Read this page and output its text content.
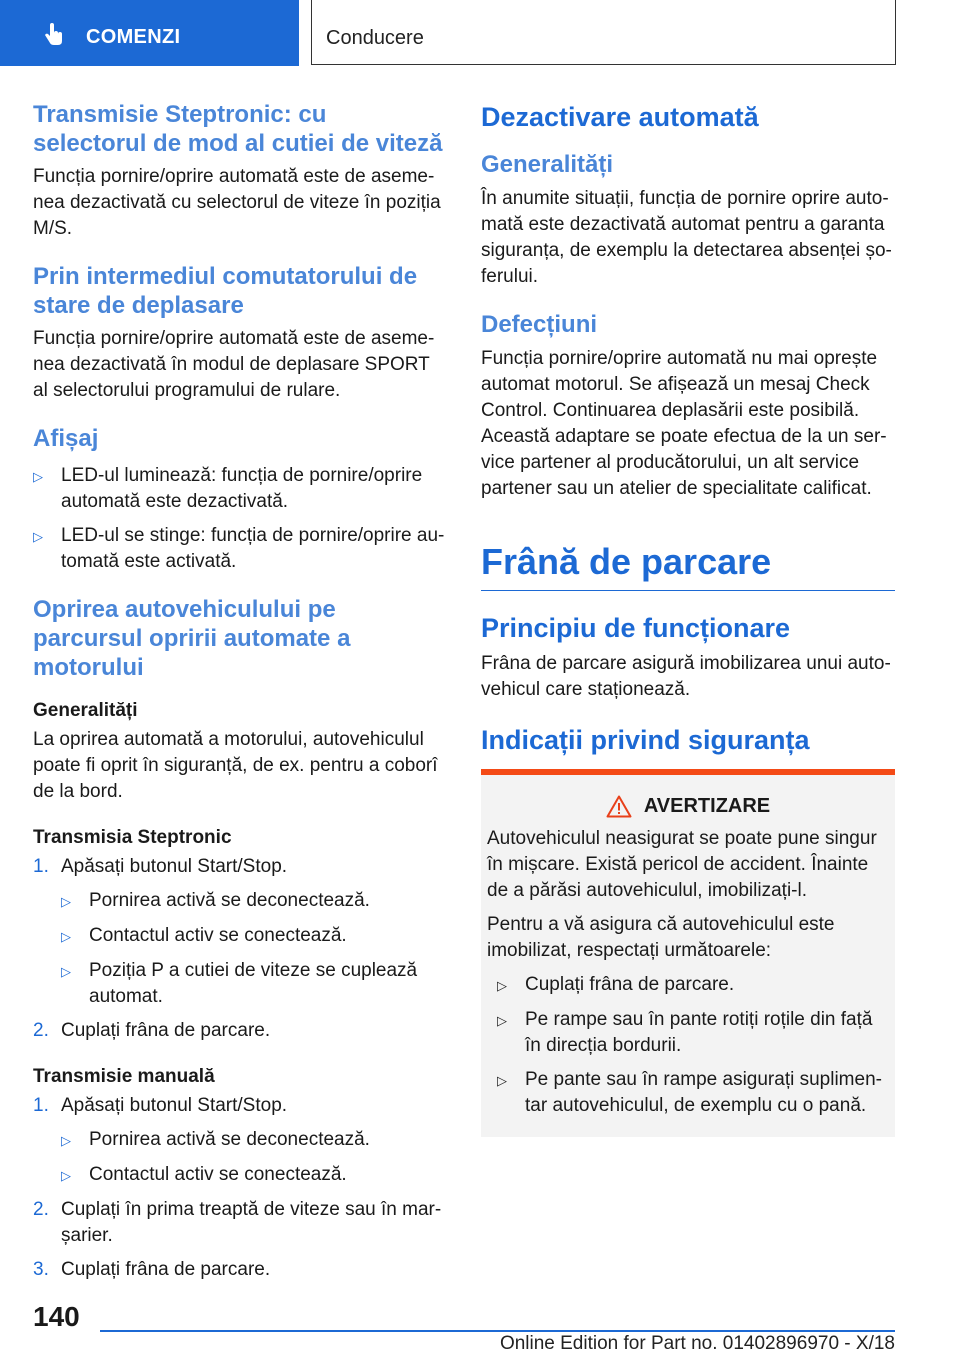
COMENZI	Conducere
Transmisie Steptronic: cu selectorul de mod al cutiei de viteză

Funcția pornire/oprire automată este de asemenea dezactivată cu selectorul de viteze în poziția M/S.

Prin intermediul comutatorului de stare de deplasare

Funcția pornire/oprire automată este de asemenea dezactivată în modul de deplasare SPORT al selectorului programului de rulare.

Afișaj
▷ LED-ul luminează: funcția de pornire/oprire automată este dezactivată.
▷ LED-ul se stinge: funcția de pornire/oprire automată este activată.
Oprirea autovehiculului pe parcursul opririi automate a motorului
Generalități

La oprirea automată a motorului, autovehiculul poate fi oprit în siguranță, de ex. pentru a coborî de la bord.

Transmisia Steptronic
1. Apăsați butonul Start/Stop.
▷ Pornirea activă se deconectează.
▷ Contactul activ se conectează.
▷ Poziția P a cutiei de viteze se cuplează automat.
2. Cuplați frâna de parcare.
Transmisie manuală
1. Apăsați butonul Start/Stop.
▷ Pornirea activă se deconectează.
▷ Contactul activ se conectează.
2. Cuplați în prima treaptă de viteze sau în marșarier.
3. Cuplați frâna de parcare.
Dezactivare automată
Generalități

În anumite situații, funcția de pornire oprire automată este dezactivată automat pentru a garanta siguranța, de exemplu la detectarea absenței șoferului.

Defecțiuni

Funcția pornire/oprire automată nu mai oprește automat motorul. Se afișează un mesaj Check Control. Continuarea deplasării este posibilă. Această adaptare se poate efectua de la un service partener al producătorului, un alt service partener sau un atelier de specialitate calificat.

Frână de parcare
Principiu de funcționare

Frâna de parcare asigură imobilizarea unui autovehicul care staționează.

Indicații privind siguranța
AVERTIZARE

Autovehiculul neasigurat se poate pune singur în mișcare. Există pericol de accident. Înainte de a părăsi autovehiculul, imobilizați-l.

Pentru a vă asigura că autovehiculul este imobilizat, respectați următoarele:

▷ Cuplați frâna de parcare.
▷ Pe rampe sau în pante rotiți roțile din față în direcția bordurii.
▷ Pe pante sau în rampe asigurați suplimentar autovehiculul, de exemplu cu o pană.
140
Online Edition for Part no. 01402896970 - X/18
